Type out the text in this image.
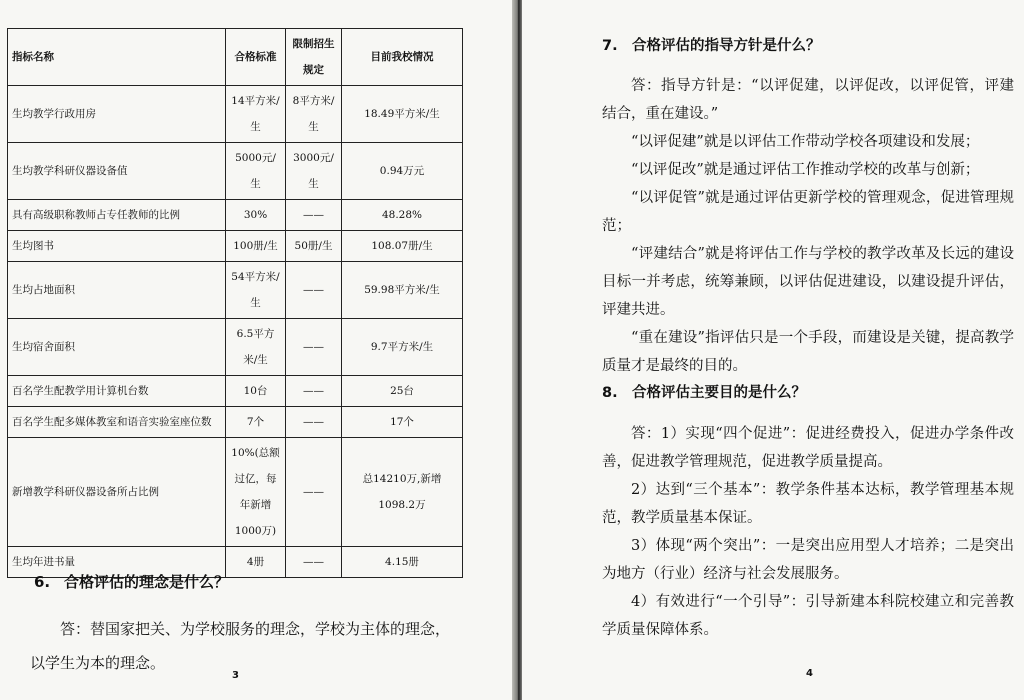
指标名称	合格标准	限制招生规定	目前我校情况
生均教学行政用房	14平方米/生	8平方米/生	18.49平方米/生
生均教学科研仪器设备值	5000元/生	3000元/生	0.94万元
具有高级职称教师占专任教师的比例	30%	——	48.28%
生均图书	100册/生	50册/生	108.07册/生
生均占地面积	54平方米/生	——	59.98平方米/生
生均宿舍面积	6.5平方米/生	——	9.7平方米/生
百名学生配教学用计算机台数	10台	——	25台
百名学生配多媒体教室和语音实验室座位数	7个	——	17个
新增教学科研仪器设备所占比例	10%(总额过亿，每年新增1000万)	——	总14210万,新增1098.2万
生均年进书量	4册	——	4.15册
6. 合格评估的理念是什么？

答：替国家把关、为学校服务的理念，学校为主体的理念，以学生为本的理念。

3
7. 合格评估的指导方针是什么？

答：指导方针是：“以评促建，以评促改，以评促管，评建结合，重在建设。”

“以评促建”就是以评估工作带动学校各项建设和发展；

“以评促改”就是通过评估工作推动学校的改革与创新；

“以评促管”就是通过评估更新学校的管理观念，促进管理规范；

“评建结合”就是将评估工作与学校的教学改革及长远的建设目标一并考虑，统筹兼顾，以评估促进建设，以建设提升评估，评建共进。

“重在建设”指评估只是一个手段，而建设是关键，提高教学质量才是最终的目的。

8. 合格评估主要目的是什么？

答：1）实现“四个促进”：促进经费投入，促进办学条件改善，促进教学管理规范，促进教学质量提高。

2）达到“三个基本”：教学条件基本达标，教学管理基本规范，教学质量基本保证。

3）体现“两个突出”：一是突出应用型人才培养；二是突出为地方（行业）经济与社会发展服务。

4）有效进行“一个引导”：引导新建本科院校建立和完善教学质量保障体系。

4
